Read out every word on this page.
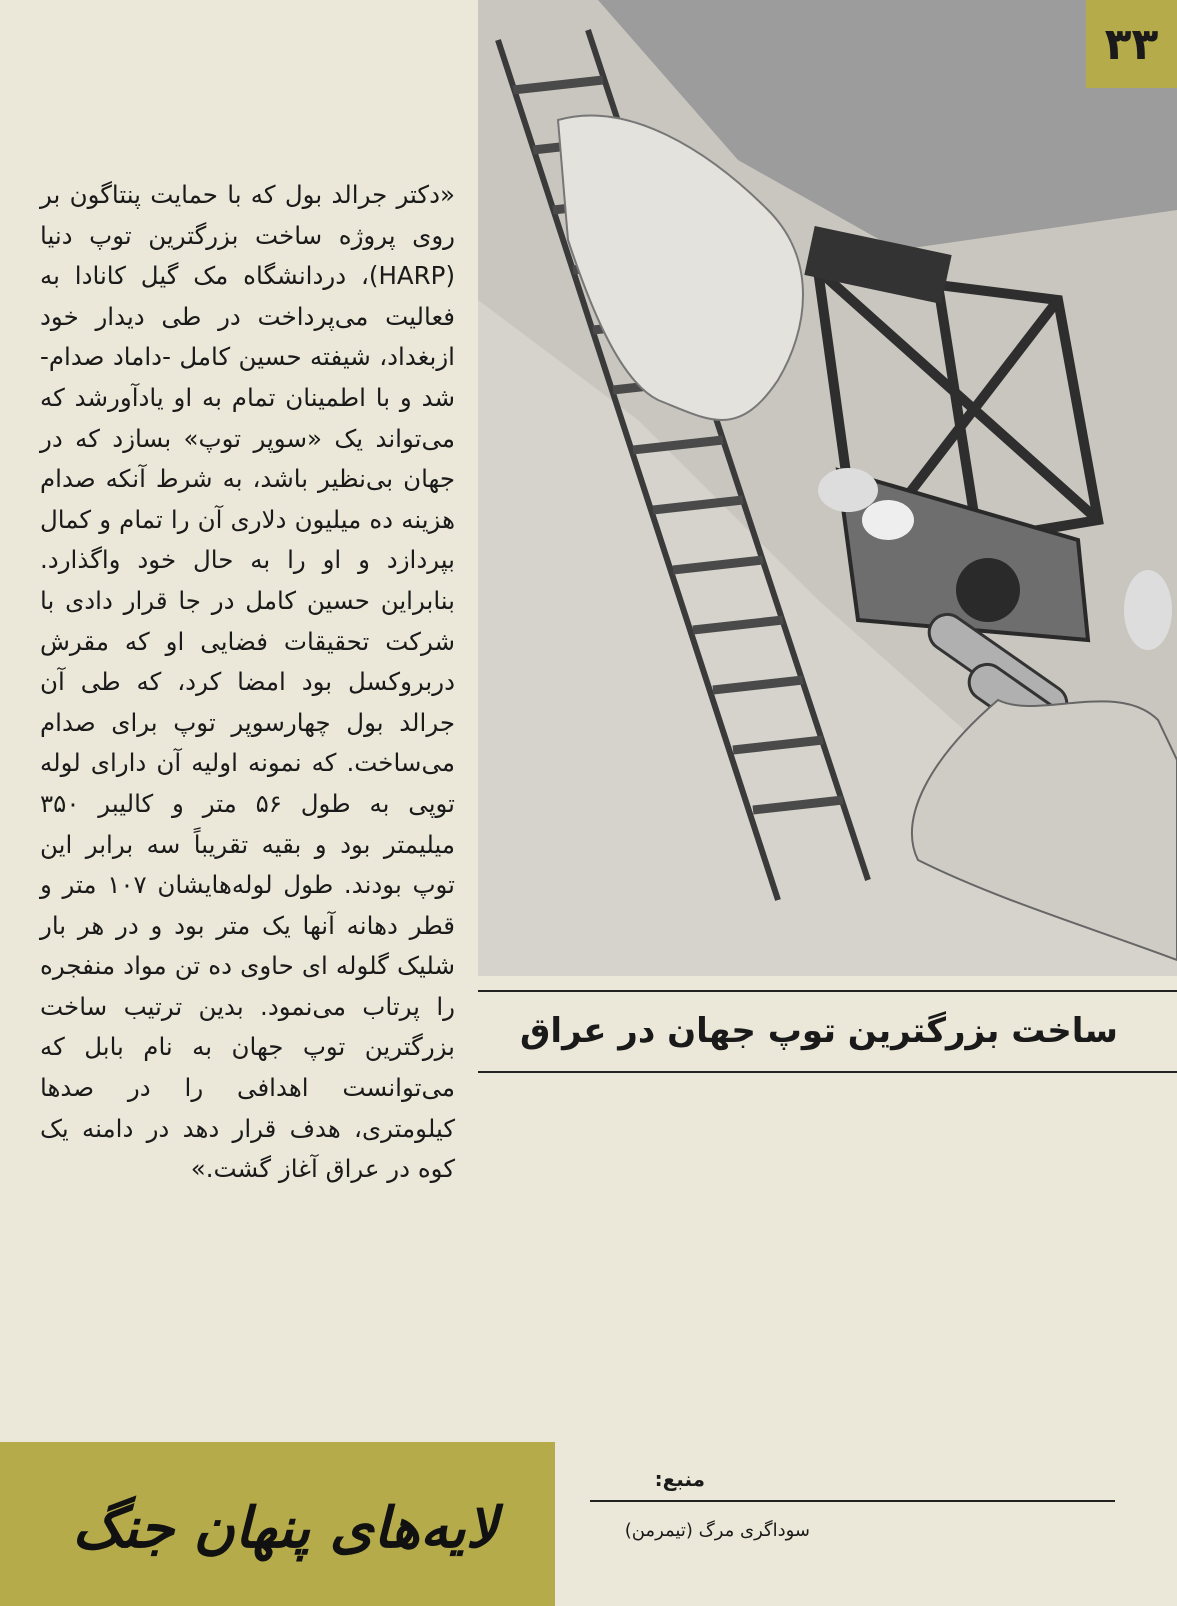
۳۳
«دکتر جرالد بول که با حمایت پنتاگون بر روی پروژه ساخت بزرگترین توپ دنیا (HARP)، دردانشگاه مک گیل کانادا به فعالیت می‌پرداخت در طی دیدار خود ازبغداد، شیفته حسین کامل -داماد صدام- شد و با اطمینان تمام به او یادآورشد که می‌تواند یک «سوپر توپ» بسازد که در جهان بی‌نظیر باشد، به شرط آنکه صدام هزینه ده میلیون دلاری آن را تمام و کمال بپردازد و او را به حال خود واگذارد. بنابراین حسین کامل در جا قرار دادی با شرکت تحقیقات فضایی او که مقرش دربروکسل بود امضا کرد، که طی آن جرالد بول چهارسوپر توپ برای صدام می‌ساخت. که نمونه اولیه آن دارای لوله توپی به طول ۵۶ متر و کالیبر ۳۵۰ میلیمتر بود و بقیه تقریباً سه برابر این توپ بودند. طول لوله‌هایشان ۱۰۷ متر و قطر دهانه آنها یک متر بود و در هر بار شلیک گلوله ای حاوی ده تن مواد منفجره را پرتاب می‌نمود. بدین ترتیب ساخت بزرگترین توپ جهان به نام بابل که می‌توانست اهدافی را در صدها کیلومتری، هدف قرار دهد در دامنه یک کوه در عراق آغاز گشت.»
ساخت بزرگترین توپ جهان در عراق
لایه‌های پنهان جنگ
منبع:
سوداگری مرگ (تیمرمن)
